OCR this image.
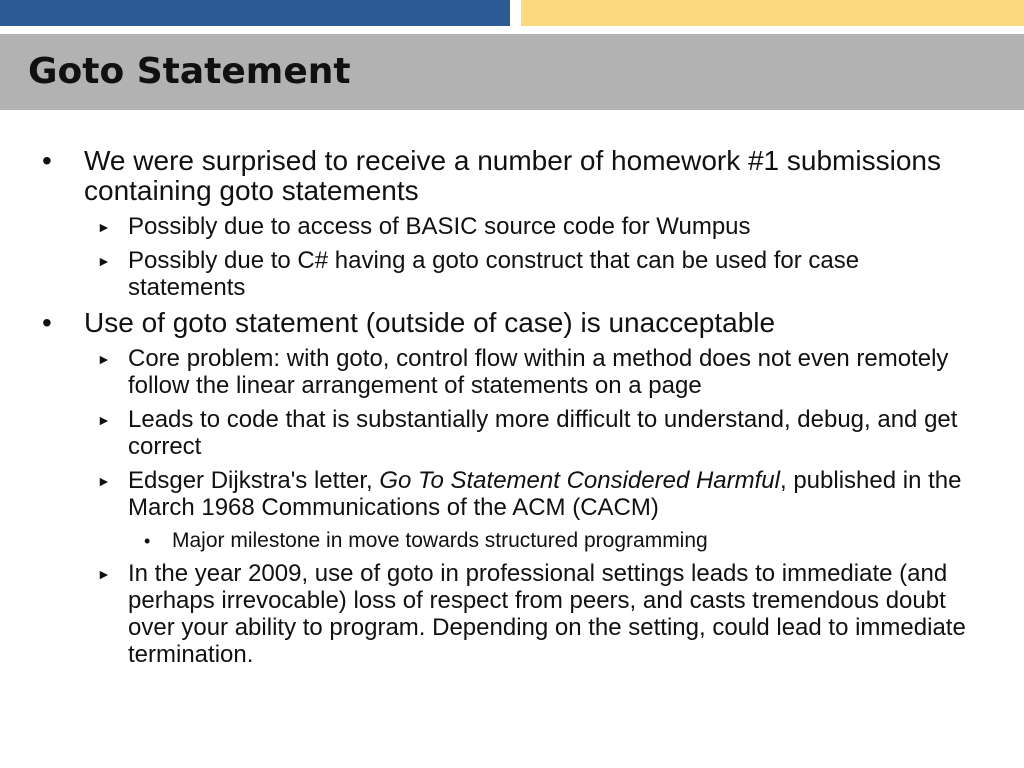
Goto Statement
• We were surprised to receive a number of homework #1 submissions containing goto statements
► Possibly due to access of BASIC source code for Wumpus
► Possibly due to C# having a goto construct that can be used for case statements
• Use of goto statement (outside of case) is unacceptable
► Core problem: with goto, control flow within a method does not even remotely follow the linear arrangement of statements on a page
► Leads to code that is substantially more difficult to understand, debug, and get correct
► Edsger Dijkstra's letter, Go To Statement Considered Harmful, published in the March 1968 Communications of the ACM (CACM)
• Major milestone in move towards structured programming
► In the year 2009, use of goto in professional settings leads to immediate (and perhaps irrevocable) loss of respect from peers, and casts tremendous doubt over your ability to program. Depending on the setting, could lead to immediate termination.
